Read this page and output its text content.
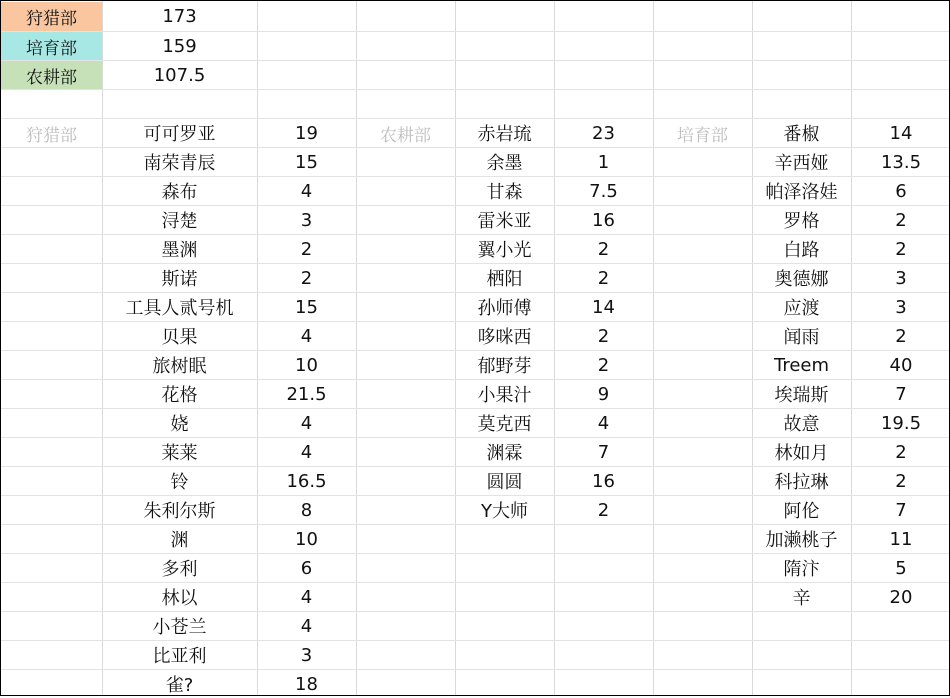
狩猎部	173
培育部	159
农耕部	107.5
狩猎部	可可罗亚	19
南荣青辰	15
森布	4
浔楚	3
墨渊	2
斯诺	2
工具人贰号机	15
贝果	4
旅树眠	10
花格	21.5
娆	4
莱莱	4
铃	16.5
朱利尔斯	8
渊	10
多利	6
林以	4
小苍兰	4
比亚利	3
雀?	18
农耕部	赤岩琉	23
余墨	1
甘森	7.5
雷米亚	16
翼小光	2
栖阳	2
孙师傅	14
哆咪西	2
郁野芽	2
小果汁	9
莫克西	4
渊霖	7
圆圆	16
Y大师	2
培育部	番椒	14
辛西娅	13.5
帕泽洛娃	6
罗格	2
白路	2
奥德娜	3
应渡	3
闻雨	2
Treem	40
埃瑞斯	7
故意	19.5
林如月	2
科拉琳	2
阿伦	7
加濑桃子	11
隋汴	5
辛	20
